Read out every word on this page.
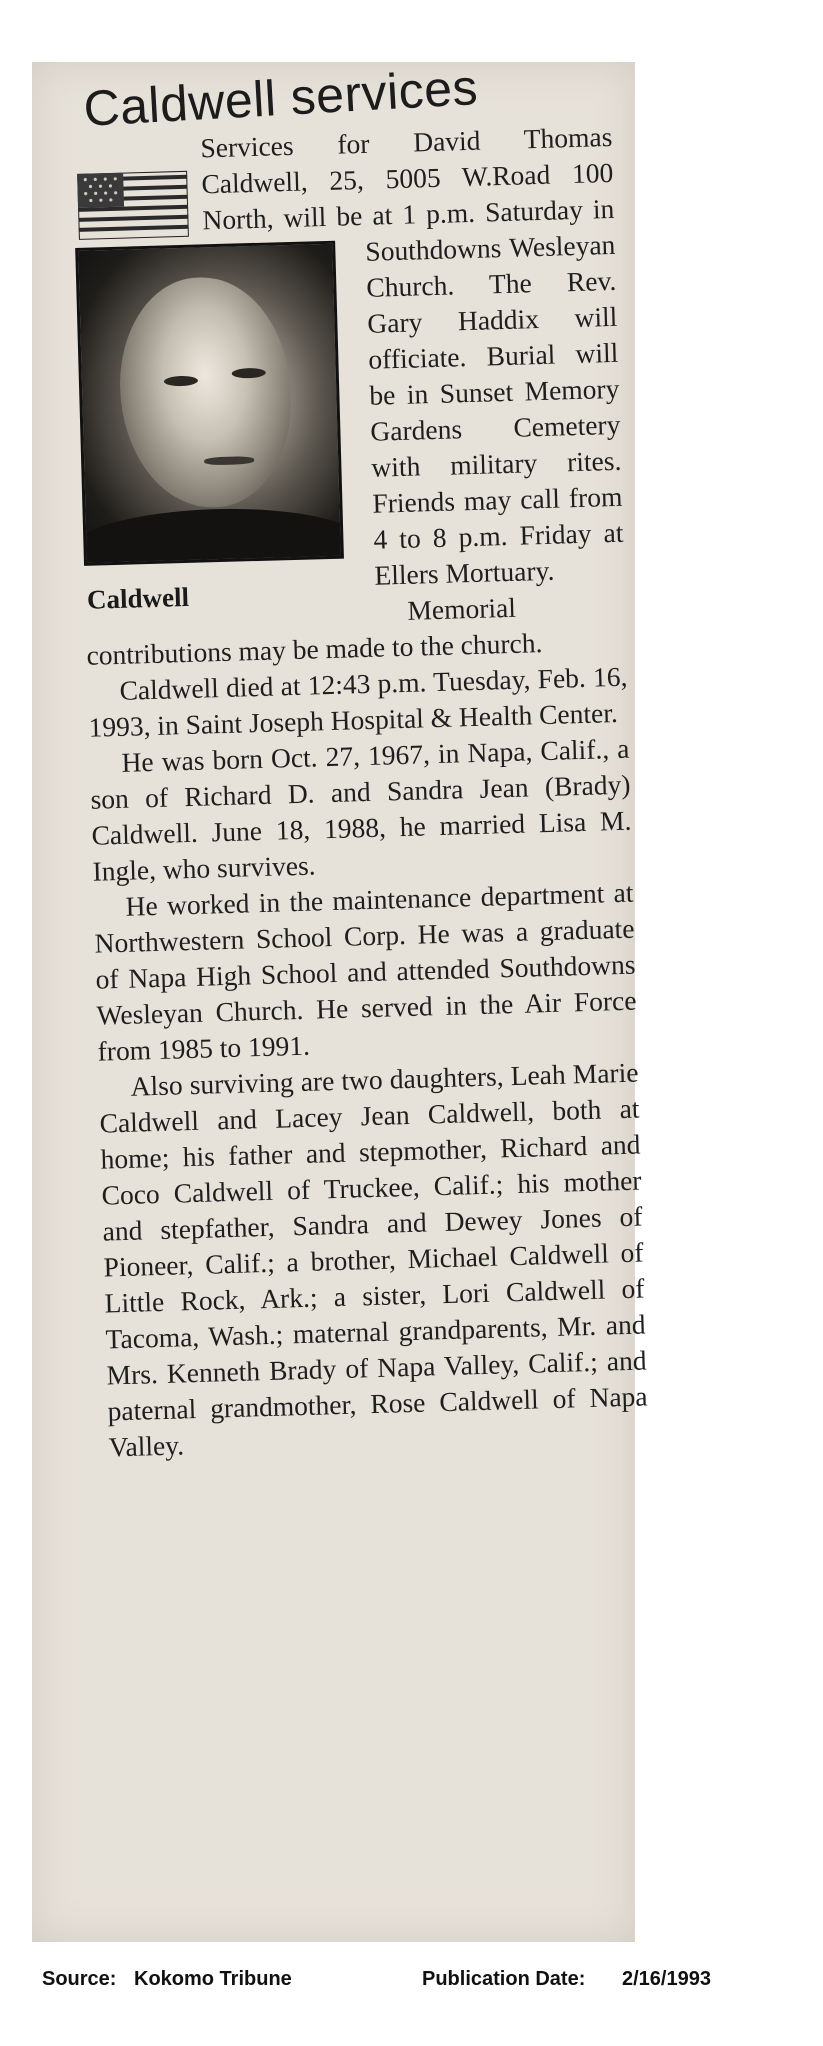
Caldwell services
Caldwell

Services for David Thomas Caldwell, 25, 5005 W.Road 100 North, will be at 1 p.m. Saturday in Southdowns Wesleyan Church. The Rev. Gary Haddix will officiate. Burial will be in Sunset Memory Gardens Cemetery with military rites. Friends may call from 4 to 8 p.m. Friday at Ellers Mortuary.

Memorial contributions may be made to the church.

Caldwell died at 12:43 p.m. Tuesday, Feb. 16, 1993, in Saint Joseph Hospital & Health Center.

He was born Oct. 27, 1967, in Napa, Calif., a son of Richard D. and Sandra Jean (Brady) Caldwell. June 18, 1988, he married Lisa M. Ingle, who survives.

He worked in the maintenance department at Northwestern School Corp. He was a graduate of Napa High School and attended Southdowns Wesleyan Church. He served in the Air Force from 1985 to 1991.

Also surviving are two daughters, Leah Marie Caldwell and Lacey Jean Caldwell, both at home; his father and stepmother, Richard and Coco Caldwell of Truckee, Calif.; his mother and stepfather, Sandra and Dewey Jones of Pioneer, Calif.; a brother, Michael Caldwell of Little Rock, Ark.; a sister, Lori Caldwell of Tacoma, Wash.; maternal grandparents, Mr. and Mrs. Kenneth Brady of Napa Valley, Calif.; and paternal grandmother, Rose Caldwell of Napa Valley.

Source: Kokomo Tribune	Publication Date: 2/16/1993
